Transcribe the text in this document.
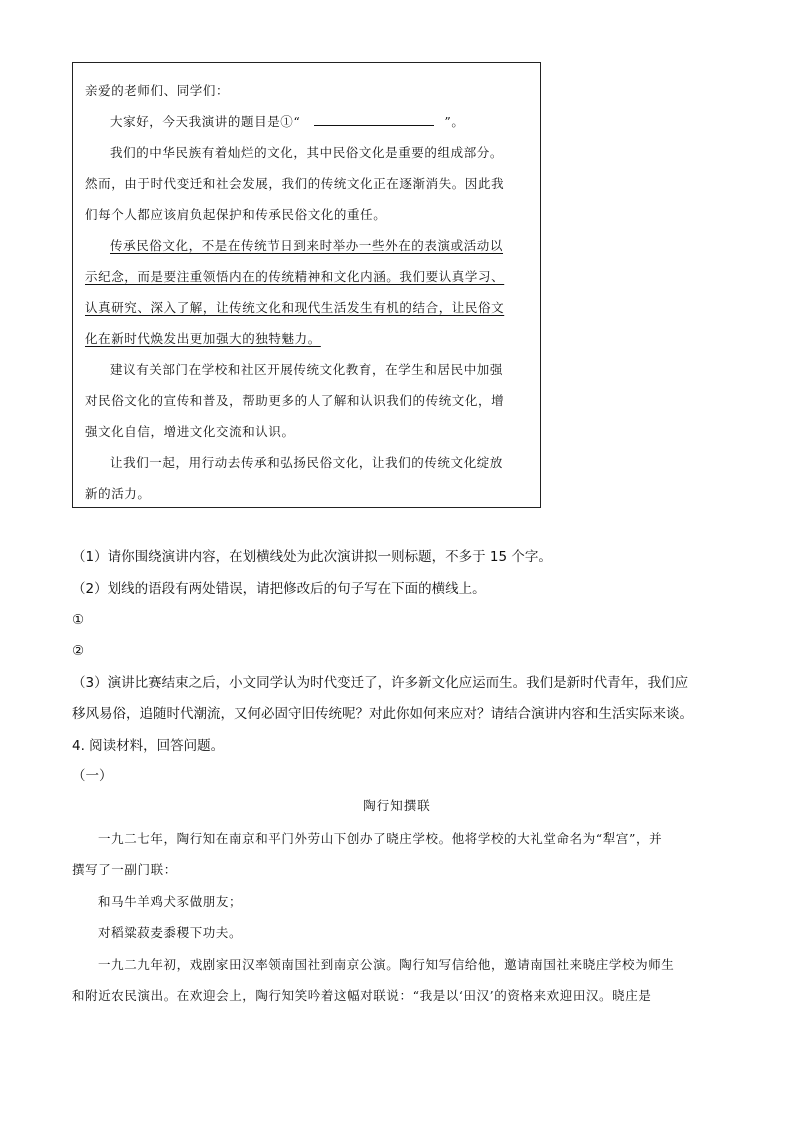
亲爱的老师们、同学们：
大家好，今天我演讲的题目是①“	”。
我们的中华民族有着灿烂的文化，其中民俗文化是重要的组成部分。
然而，由于时代变迁和社会发展，我们的传统文化正在逐渐消失。因此我
们每个人都应该肩负起保护和传承民俗文化的重任。
传承民俗文化，不是在传统节日到来时举办一些外在的表演或活动以
示纪念，而是要注重领悟内在的传统精神和文化内涵。我们要认真学习、
认真研究、深入了解，让传统文化和现代生活发生有机的结合，让民俗文
化在新时代焕发出更加强大的独特魅力。
建议有关部门在学校和社区开展传统文化教育，在学生和居民中加强
对民俗文化的宣传和普及，帮助更多的人了解和认识我们的传统文化，增
强文化自信，增进文化交流和认识。
让我们一起，用行动去传承和弘扬民俗文化，让我们的传统文化绽放
新的活力。
（1）请你围绕演讲内容，在划横线处为此次演讲拟一则标题，不多于 15 个字。
（2）划线的语段有两处错误，请把修改后的句子写在下面的横线上。
①
②
（3）演讲比赛结束之后，小文同学认为时代变迁了，许多新文化应运而生。我们是新时代青年，我们应
移风易俗，追随时代潮流，又何必固守旧传统呢？对此你如何来应对？请结合演讲内容和生活实际来谈。
4. 阅读材料，回答问题。
（一）
陶行知撰联
一九二七年，陶行知在南京和平门外劳山下创办了晓庄学校。他将学校的大礼堂命名为“犁宫”，并
撰写了一副门联：
和马牛羊鸡犬豕做朋友；
对稻粱菽麦黍稷下功夫。
一九二九年初，戏剧家田汉率领南国社到南京公演。陶行知写信给他，邀请南国社来晓庄学校为师生
和附近农民演出。在欢迎会上，陶行知笑吟着这幅对联说：“我是以‘田汉’的资格来欢迎田汉。晓庄是
